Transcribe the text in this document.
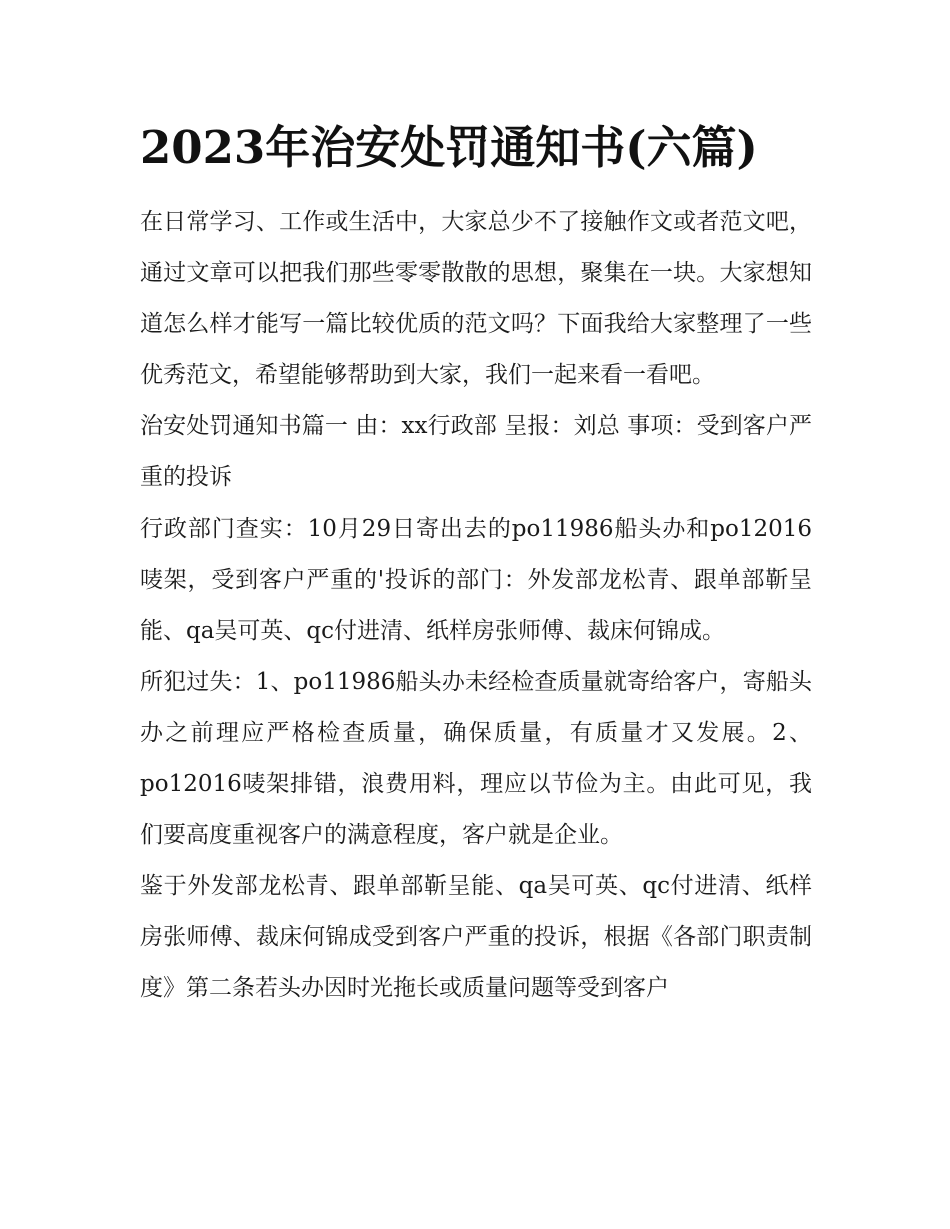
2023年治安处罚通知书(六篇)

在日常学习、工作或生活中，大家总少不了接触作文或者范文吧，通过文章可以把我们那些零零散散的思想，聚集在一块。大家想知道怎么样才能写一篇比较优质的范文吗？下面我给大家整理了一些优秀范文，希望能够帮助到大家，我们一起来看一看吧。

治安处罚通知书篇一 由：xx行政部 呈报：刘总 事项：受到客户严重的投诉

行政部门查实：10月29日寄出去的po11986船头办和po12016唛架，受到客户严重的'投诉的部门：外发部龙松青、跟单部靳呈能、qa吴可英、qc付进清、纸样房张师傅、裁床何锦成。

所犯过失：1、po11986船头办未经检查质量就寄给客户，寄船头办之前理应严格检查质量，确保质量，有质量才又发展。2、po12016唛架排错，浪费用料，理应以节俭为主。由此可见，我们要高度重视客户的满意程度，客户就是企业。

鉴于外发部龙松青、跟单部靳呈能、qa吴可英、qc付进清、纸样房张师傅、裁床何锦成受到客户严重的投诉，根据《各部门职责制度》第二条若头办因时光拖长或质量问题等受到客户
